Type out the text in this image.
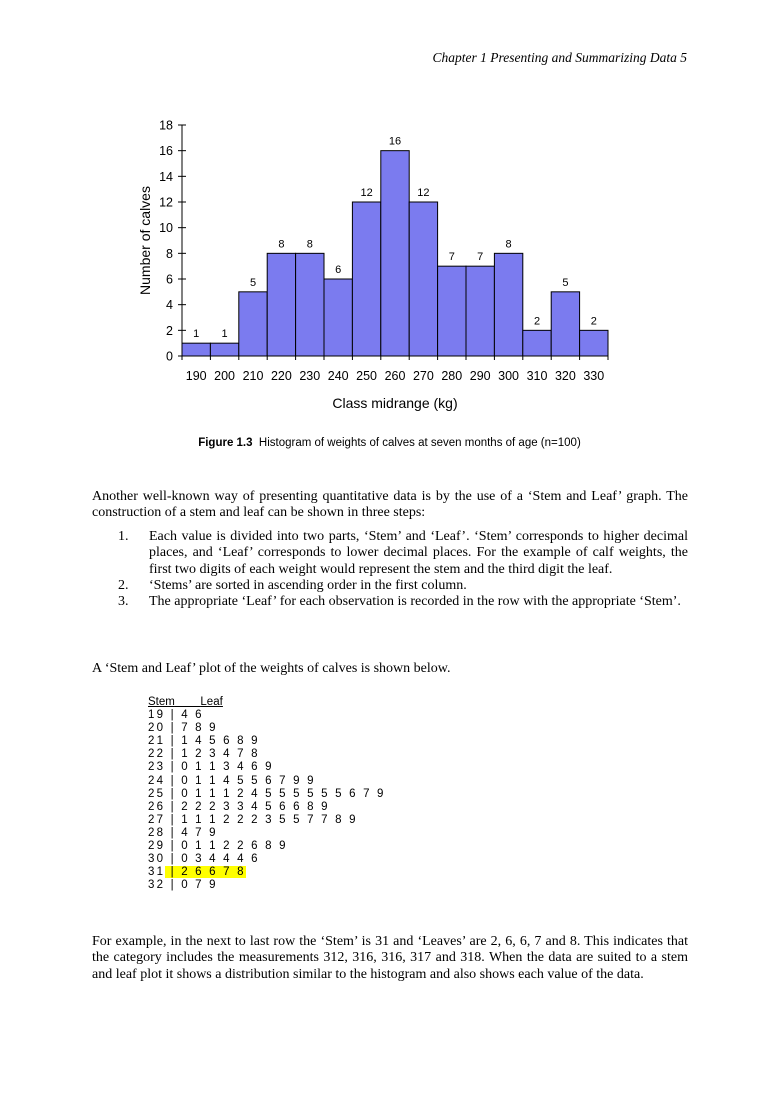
Chapter 1 Presenting and Summarizing Data 5
0
2
4
6
8
10
12
14
16
18
190 200 210 220 230 240 250 260 270 280 290 300 310 320 330
1 1
5
8 8
6
12
16
12
7 7
8
2
5
2
Class midrange (kg)
Number of calves
Figure 1.3 Histogram of weights of calves at seven months of age (n=100)
Another well-known way of presenting quantitative data is by the use of a ‘Stem and Leaf’ graph. The construction of a stem and leaf can be shown in three steps:
1. Each value is divided into two parts, ‘Stem’ and ‘Leaf’. ‘Stem’ corresponds to higher decimal places, and ‘Leaf’ corresponds to lower decimal places. For the example of calf weights, the first two digits of each weight would represent the stem and the third digit the leaf.
2. ‘Stems’ are sorted in ascending order in the first column.
3. The appropriate ‘Leaf’ for each observation is recorded in the row with the appropriate ‘Stem’.
A ‘Stem and Leaf’ plot of the weights of calves is shown below.
Stem Leaf
19 | 4 6
20 | 7 8 9
21 | 1 4 5 6 8 9
22 | 1 2 3 4 7 8
23 | 0 1 1 3 4 6 9
24 | 0 1 1 4 5 5 6 7 9 9
25 | 0 1 1 1 2 4 5 5 5 5 5 5 6 7 9
26 | 2 2 2 3 3 4 5 6 6 8 9
27 | 1 1 1 2 2 2 3 5 5 7 7 8 9
28 | 4 7 9
29 | 0 1 1 2 2 6 8 9
30 | 0 3 4 4 4 6
31 | 2 6 6 7 8
32 | 0 7 9
For example, in the next to last row the ‘Stem’ is 31 and ‘Leaves’ are 2, 6, 6, 7 and 8. This indicates that the category includes the measurements 312, 316, 316, 317 and 318. When the data are suited to a stem and leaf plot it shows a distribution similar to the histogram and also shows each value of the data.
